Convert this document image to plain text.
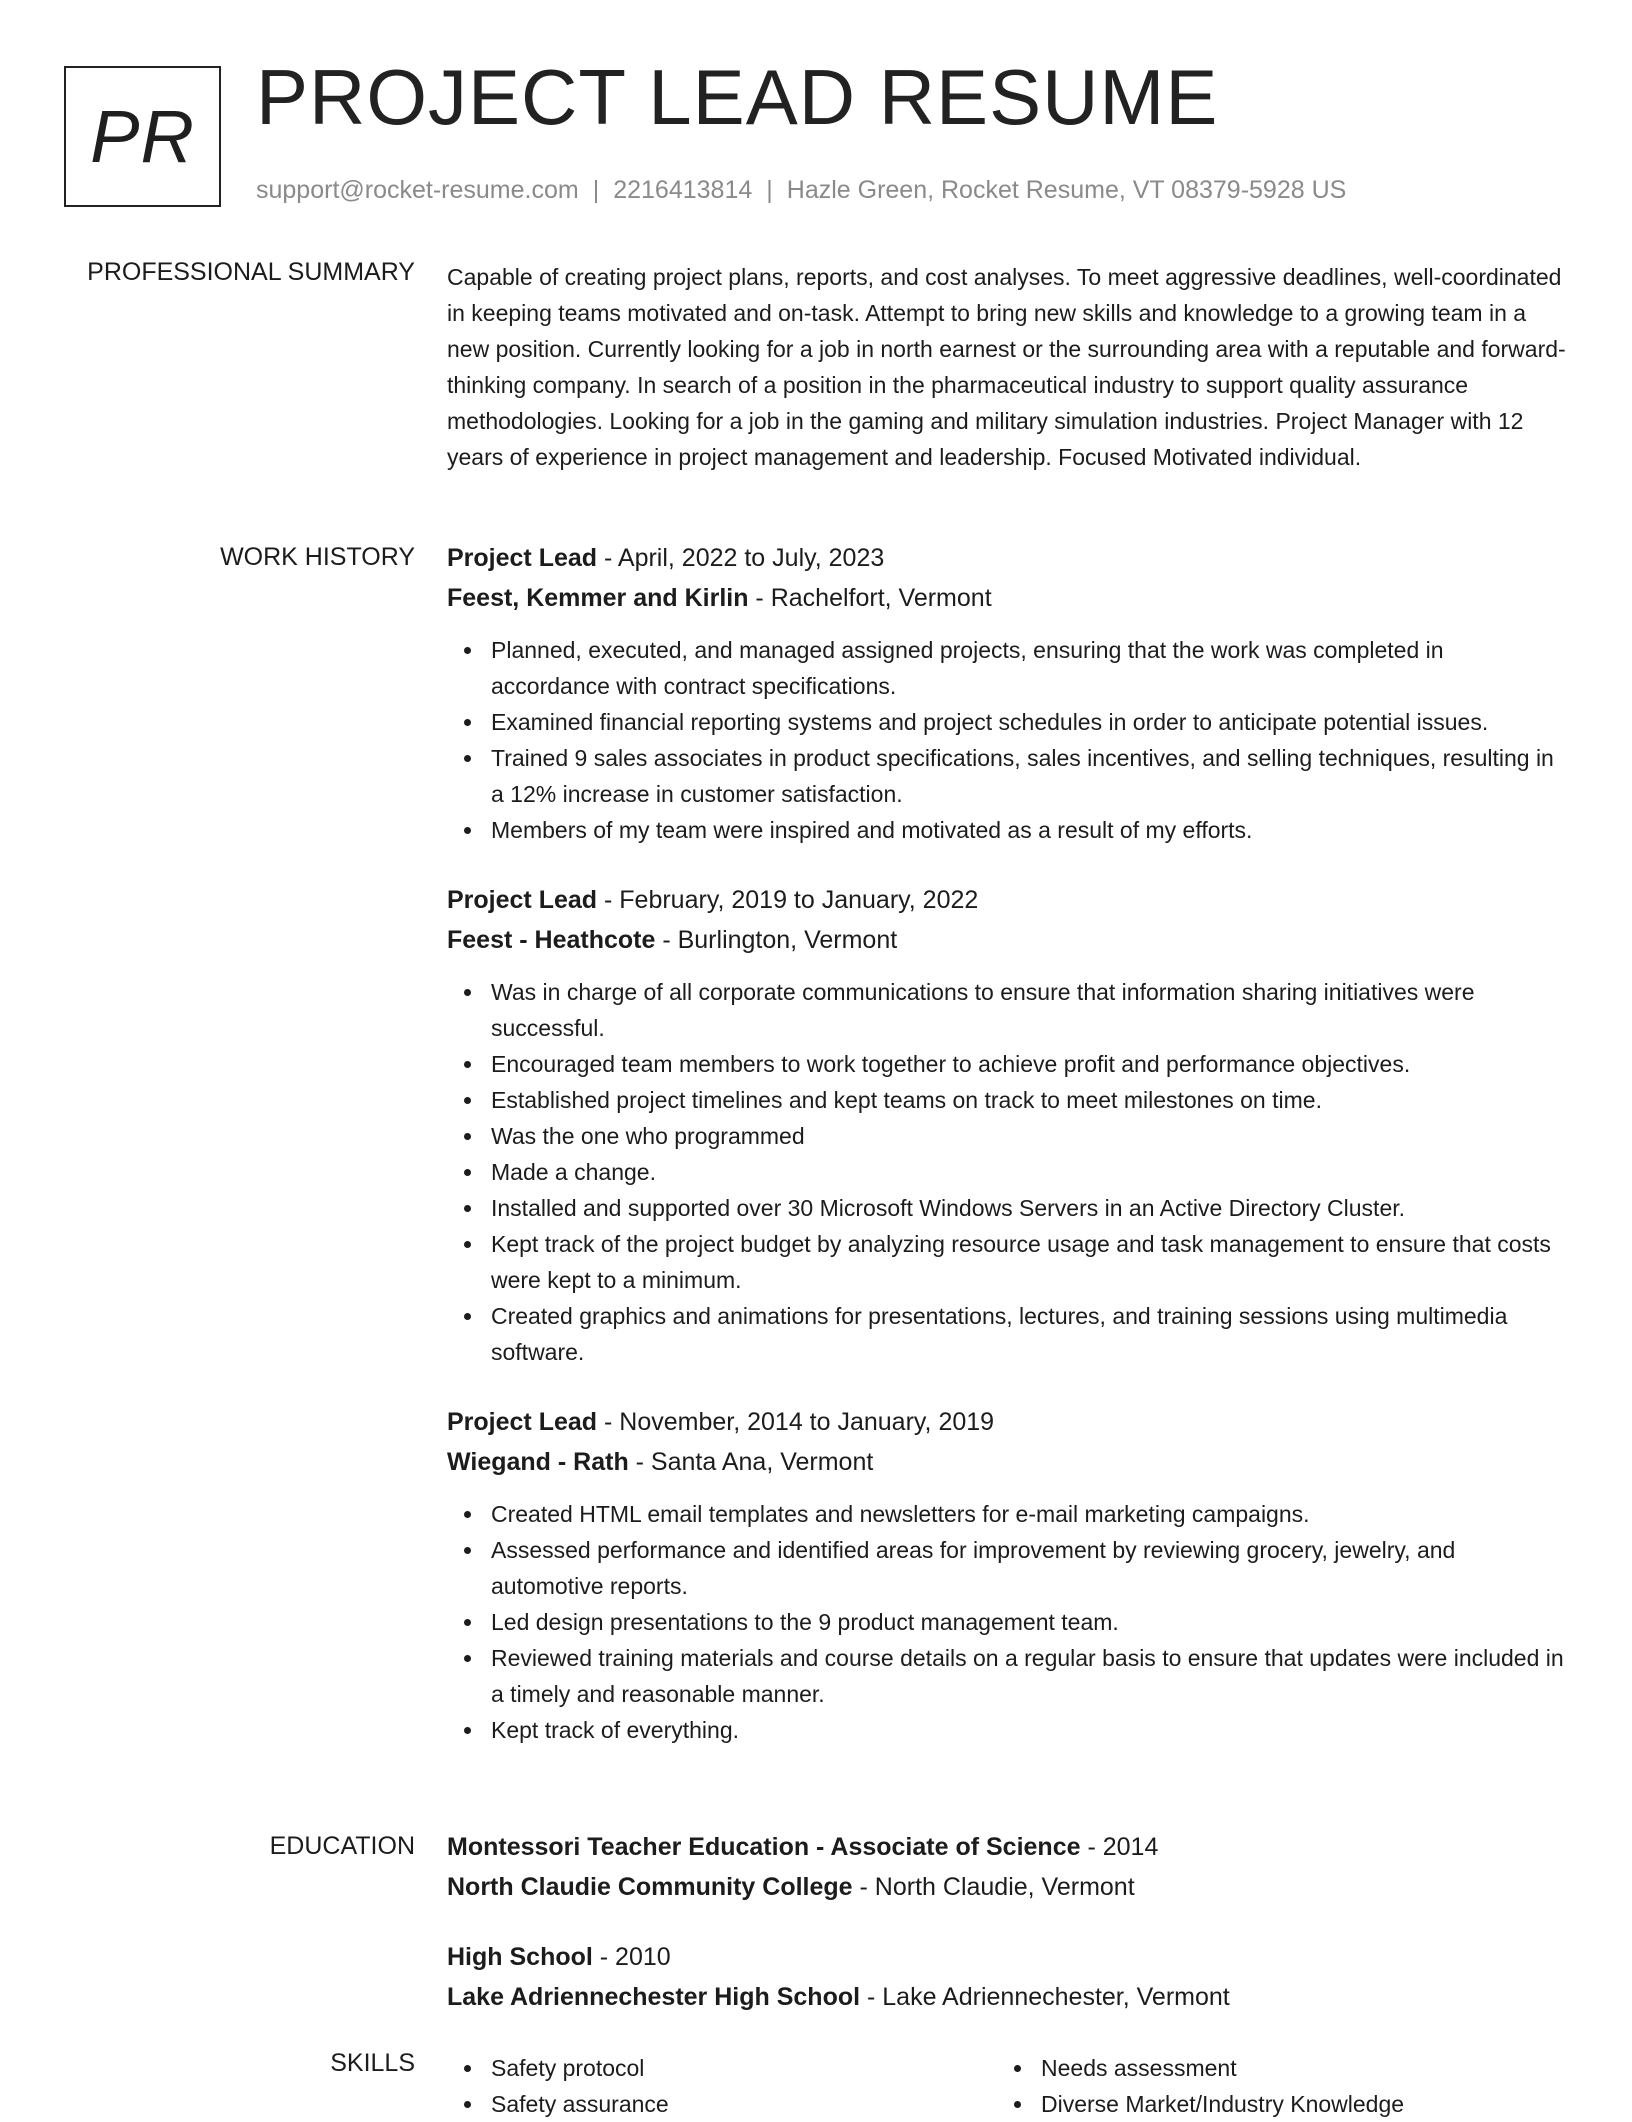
PR PROJECT LEAD RESUME
support@rocket-resume.com | 2216413814 | Hazle Green, Rocket Resume, VT 08379-5928 US
PROFESSIONAL SUMMARY Capable of creating project plans, reports, and cost analyses. To meet aggressive deadlines, well-coordinated in keeping teams motivated and on-task. Attempt to bring new skills and knowledge to a growing team in a new position. Currently looking for a job in north earnest or the surrounding area with a reputable and forward-thinking company. In search of a position in the pharmaceutical industry to support quality assurance methodologies. Looking for a job in the gaming and military simulation industries. Project Manager with 12 years of experience in project management and leadership. Focused Motivated individual.
WORK HISTORY Project Lead - April, 2022 to July, 2023
Feest, Kemmer and Kirlin - Rachelfort, Vermont
Planned, executed, and managed assigned projects, ensuring that the work was completed in accordance with contract specifications.
Examined financial reporting systems and project schedules in order to anticipate potential issues.
Trained 9 sales associates in product specifications, sales incentives, and selling techniques, resulting in a 12% increase in customer satisfaction.
Members of my team were inspired and motivated as a result of my efforts.
Project Lead - February, 2019 to January, 2022
Feest - Heathcote - Burlington, Vermont
Was in charge of all corporate communications to ensure that information sharing initiatives were successful.
Encouraged team members to work together to achieve profit and performance objectives.
Established project timelines and kept teams on track to meet milestones on time.
Was the one who programmed
Made a change.
Installed and supported over 30 Microsoft Windows Servers in an Active Directory Cluster.
Kept track of the project budget by analyzing resource usage and task management to ensure that costs were kept to a minimum.
Created graphics and animations for presentations, lectures, and training sessions using multimedia software.
Project Lead - November, 2014 to January, 2019
Wiegand - Rath - Santa Ana, Vermont
Created HTML email templates and newsletters for e-mail marketing campaigns.
Assessed performance and identified areas for improvement by reviewing grocery, jewelry, and automotive reports.
Led design presentations to the 9 product management team.
Reviewed training materials and course details on a regular basis to ensure that updates were included in a timely and reasonable manner.
Kept track of everything.
EDUCATION Montessori Teacher Education - Associate of Science - 2014
North Claudie Community College - North Claudie, Vermont
High School - 2010
Lake Adriennechester High School - Lake Adriennechester, Vermont
SKILLS	Safety protocol
Safety assurance
Needs assessment
Diverse Market/Industry Knowledge
